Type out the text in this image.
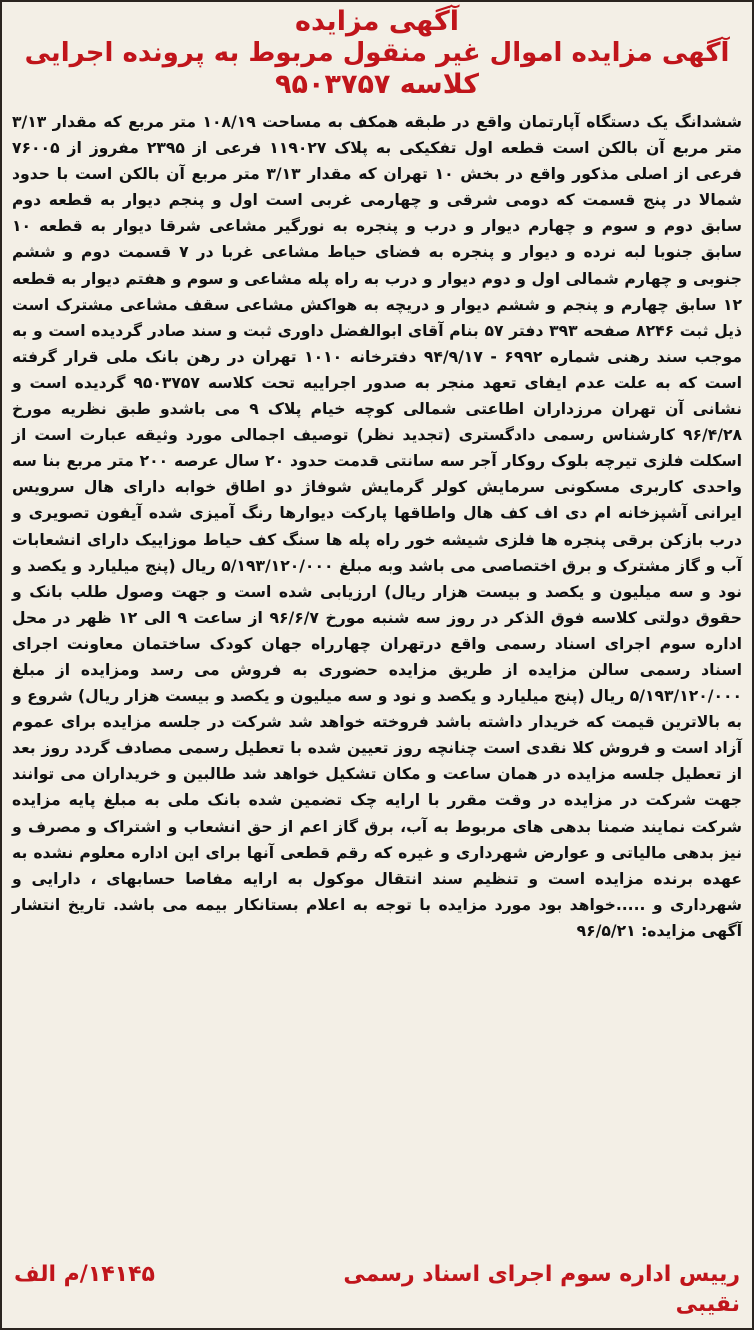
آگهی مزایده
آگهی مزایده اموال غیر منقول مربوط به پرونده اجرایی
کلاسه ۹۵۰۳۷۵۷
ششدانگ یک دستگاه آپارتمان واقع در طبقه همکف به مساحت ۱۰۸/۱۹ متر مربع که مقدار ۳/۱۳ متر مربع آن بالکن است قطعه اول تفکیکی به پلاک ۱۱۹۰۲۷ فرعی از ۲۳۹۵ مفروز از ۷۶۰۰۵ فرعی از اصلی مذکور واقع در بخش ۱۰ تهران که مقدار ۳/۱۳ متر مربع آن بالکن است با حدود شمالا در پنج قسمت که دومی شرقی و چهارمی غربی است اول و پنجم دیوار به قطعه دوم سابق دوم و سوم و چهارم دیوار و درب و پنجره به نورگیر مشاعی شرقا دیوار به قطعه ۱۰ سابق جنوبا لبه نرده و دیوار و پنجره به فضای حیاط مشاعی غربا در ۷ قسمت دوم و ششم جنوبی و چهارم شمالی اول و دوم دیوار و درب به راه پله مشاعی و سوم و هفتم دیوار به قطعه ۱۲ سابق چهارم و پنجم و ششم دیوار و دریچه به هواکش مشاعی سقف مشاعی مشترک است ذیل ثبت ۸۲۴۶ صفحه ۳۹۳ دفتر ۵۷ بنام آقای ابوالفضل داوری ثبت و سند صادر گردیده است و به موجب سند رهنی شماره ۶۹۹۲ - ۹۴/۹/۱۷ دفترخانه ۱۰۱۰ تهران در رهن بانک ملی قرار گرفته است که به علت عدم ایفای تعهد منجر به صدور اجراییه تحت کلاسه ۹۵۰۳۷۵۷ گردیده است و نشانی آن تهران مرزداران اطاعتی شمالی کوچه خیام پلاک ۹ می باشدو طبق نظریه مورخ ۹۶/۴/۲۸ کارشناس رسمی دادگستری (تجدید نظر) توصیف اجمالی مورد وثیقه عبارت است از اسکلت فلزی تیرچه بلوک روکار آجر سه سانتی قدمت حدود ۲۰ سال عرصه ۲۰۰ متر مربع بنا سه واحدی کاربری مسکونی سرمایش کولر گرمایش شوفاژ دو اطاق خوابه دارای هال سرویس ایرانی آشپزخانه ام دی اف کف هال واطاقها پارکت دیوارها رنگ آمیزی شده آیفون تصویری و درب بازکن برقی پنجره ها فلزی شیشه خور راه پله ها سنگ کف حیاط موزاییک دارای انشعابات آب و گاز مشترک و برق اختصاصی می باشد وبه مبلغ ۵/۱۹۳/۱۲۰/۰۰۰ ریال (پنج میلیارد و یکصد و نود و سه میلیون و یکصد و بیست هزار ریال) ارزیابی شده است و جهت وصول طلب بانک و حقوق دولتی کلاسه فوق الذکر در روز سه شنبه مورخ ۹۶/۶/۷ از ساعت ۹ الی ۱۲ ظهر در محل اداره سوم اجرای اسناد رسمی واقع درتهران چهارراه جهان کودک ساختمان معاونت اجرای اسناد رسمی سالن مزایده از طریق مزایده حضوری به فروش می رسد ومزایده از مبلغ ۵/۱۹۳/۱۲۰/۰۰۰ ریال (پنج میلیارد و یکصد و نود و سه میلیون و یکصد و بیست هزار ریال) شروع و به بالاترین قیمت که خریدار داشته باشد فروخته خواهد شد شرکت در جلسه مزایده برای عموم آزاد است و فروش کلا نقدی است چنانچه روز تعیین شده با تعطیل رسمی مصادف گردد روز بعد از تعطیل جلسه مزایده در همان ساعت و مکان تشکیل خواهد شد طالبین و خریداران می توانند جهت شرکت در مزایده در وقت مقرر با ارایه چک تضمین شده بانک ملی به مبلغ پایه مزایده شرکت نمایند ضمنا بدهی های مربوط به آب، برق گاز اعم از حق انشعاب و اشتراک و مصرف و نیز بدهی مالیاتی و عوارض شهرداری و غیره که رقم قطعی آنها برای این اداره معلوم نشده به عهده برنده مزایده است و تنظیم سند انتقال موکول به ارایه مفاصا حسابهای ، دارایی و شهرداری و .....خواهد بود مورد مزایده با توجه به اعلام بستانکار بیمه می باشد. تاریخ انتشار آگهی مزایده: ۹۶/۵/۲۱
رییس اداره سوم اجرای اسناد رسمی
۱۴۱۴۵/م الف
نقیبی
